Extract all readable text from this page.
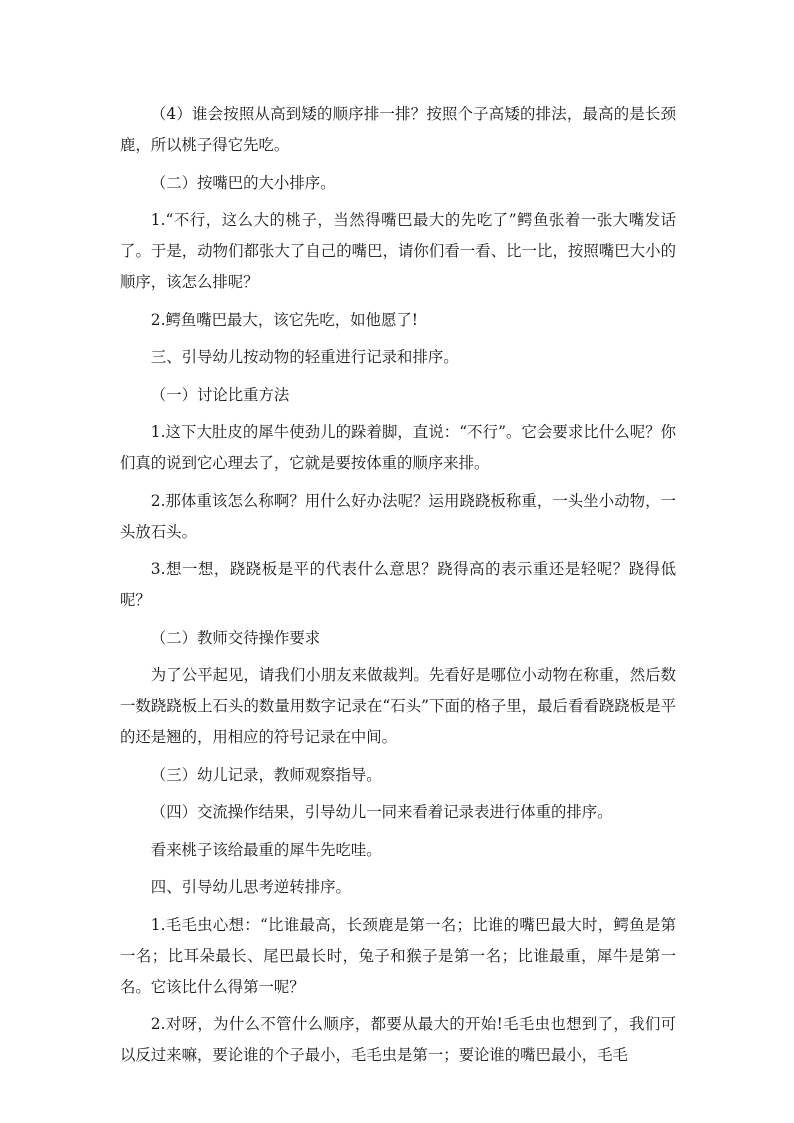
（4）谁会按照从高到矮的顺序排一排？按照个子高矮的排法，最高的是长颈鹿，所以桃子得它先吃。

（二）按嘴巴的大小排序。

1.“不行，这么大的桃子，当然得嘴巴最大的先吃了”鳄鱼张着一张大嘴发话了。于是，动物们都张大了自己的嘴巴，请你们看一看、比一比，按照嘴巴大小的顺序，该怎么排呢？

2.鳄鱼嘴巴最大，该它先吃，如他愿了!

三、引导幼儿按动物的轻重进行记录和排序。

（一）讨论比重方法

1.这下大肚皮的犀牛使劲儿的跺着脚，直说：“不行”。它会要求比什么呢？你们真的说到它心理去了，它就是要按体重的顺序来排。

2.那体重该怎么称啊？用什么好办法呢？运用跷跷板称重，一头坐小动物，一头放石头。

3.想一想，跷跷板是平的代表什么意思？跷得高的表示重还是轻呢？跷得低呢？

（二）教师交待操作要求

为了公平起见，请我们小朋友来做裁判。先看好是哪位小动物在称重，然后数一数跷跷板上石头的数量用数字记录在“石头”下面的格子里，最后看看跷跷板是平的还是翘的，用相应的符号记录在中间。

（三）幼儿记录，教师观察指导。

（四）交流操作结果，引导幼儿一同来看着记录表进行体重的排序。

看来桃子该给最重的犀牛先吃哇。

四、引导幼儿思考逆转排序。

1.毛毛虫心想：“比谁最高，长颈鹿是第一名；比谁的嘴巴最大时，鳄鱼是第一名；比耳朵最长、尾巴最长时，兔子和猴子是第一名；比谁最重，犀牛是第一名。它该比什么得第一呢？

2.对呀，为什么不管什么顺序，都要从最大的开始!毛毛虫也想到了，我们可以反过来嘛，要论谁的个子最小，毛毛虫是第一；要论谁的嘴巴最小，毛毛
